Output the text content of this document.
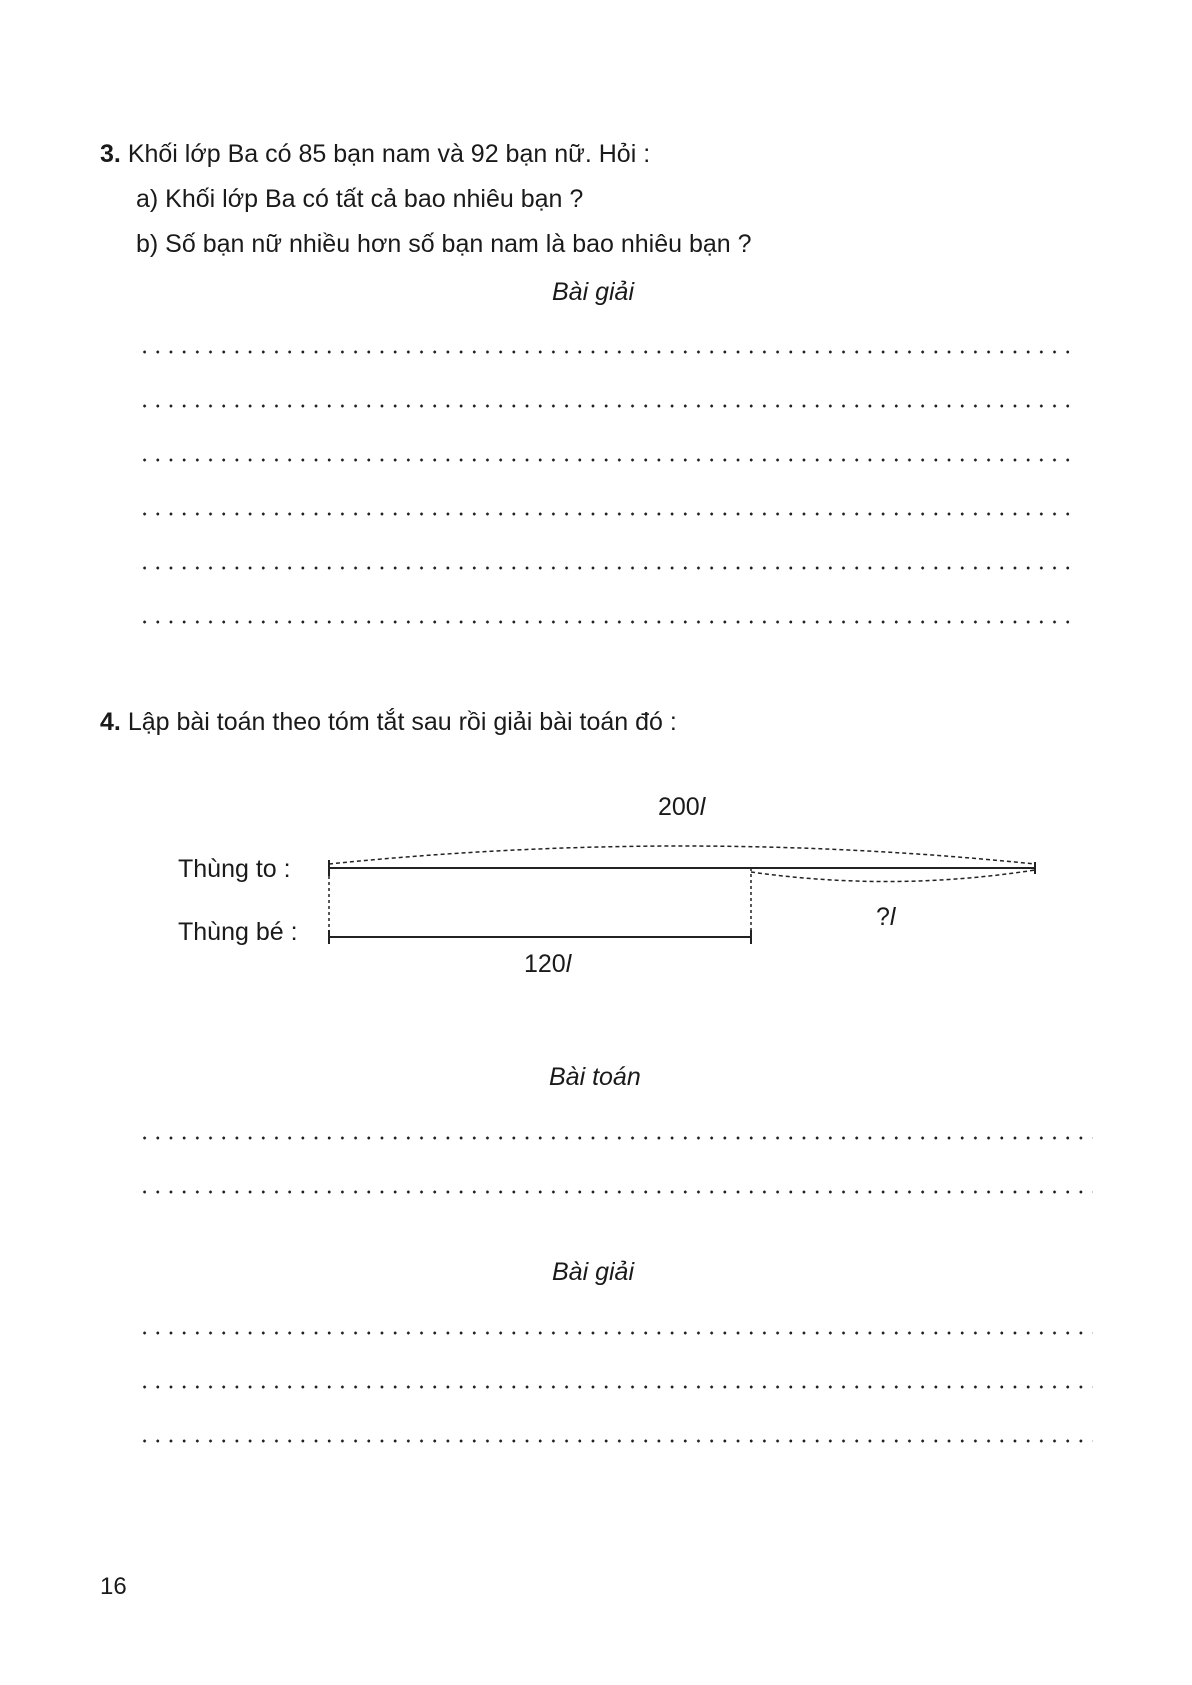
3. Khối lớp Ba có 85 bạn nam và 92 bạn nữ. Hỏi :
a) Khối lớp Ba có tất cả bao nhiêu bạn ?
b) Số bạn nữ nhiều hơn số bạn nam là bao nhiêu bạn ?
Bài giải
4. Lập bài toán theo tóm tắt sau rồi giải bài toán đó :
Thùng to :
Thùng bé :
200l
?l
120l
Bài toán
Bài giải
16
